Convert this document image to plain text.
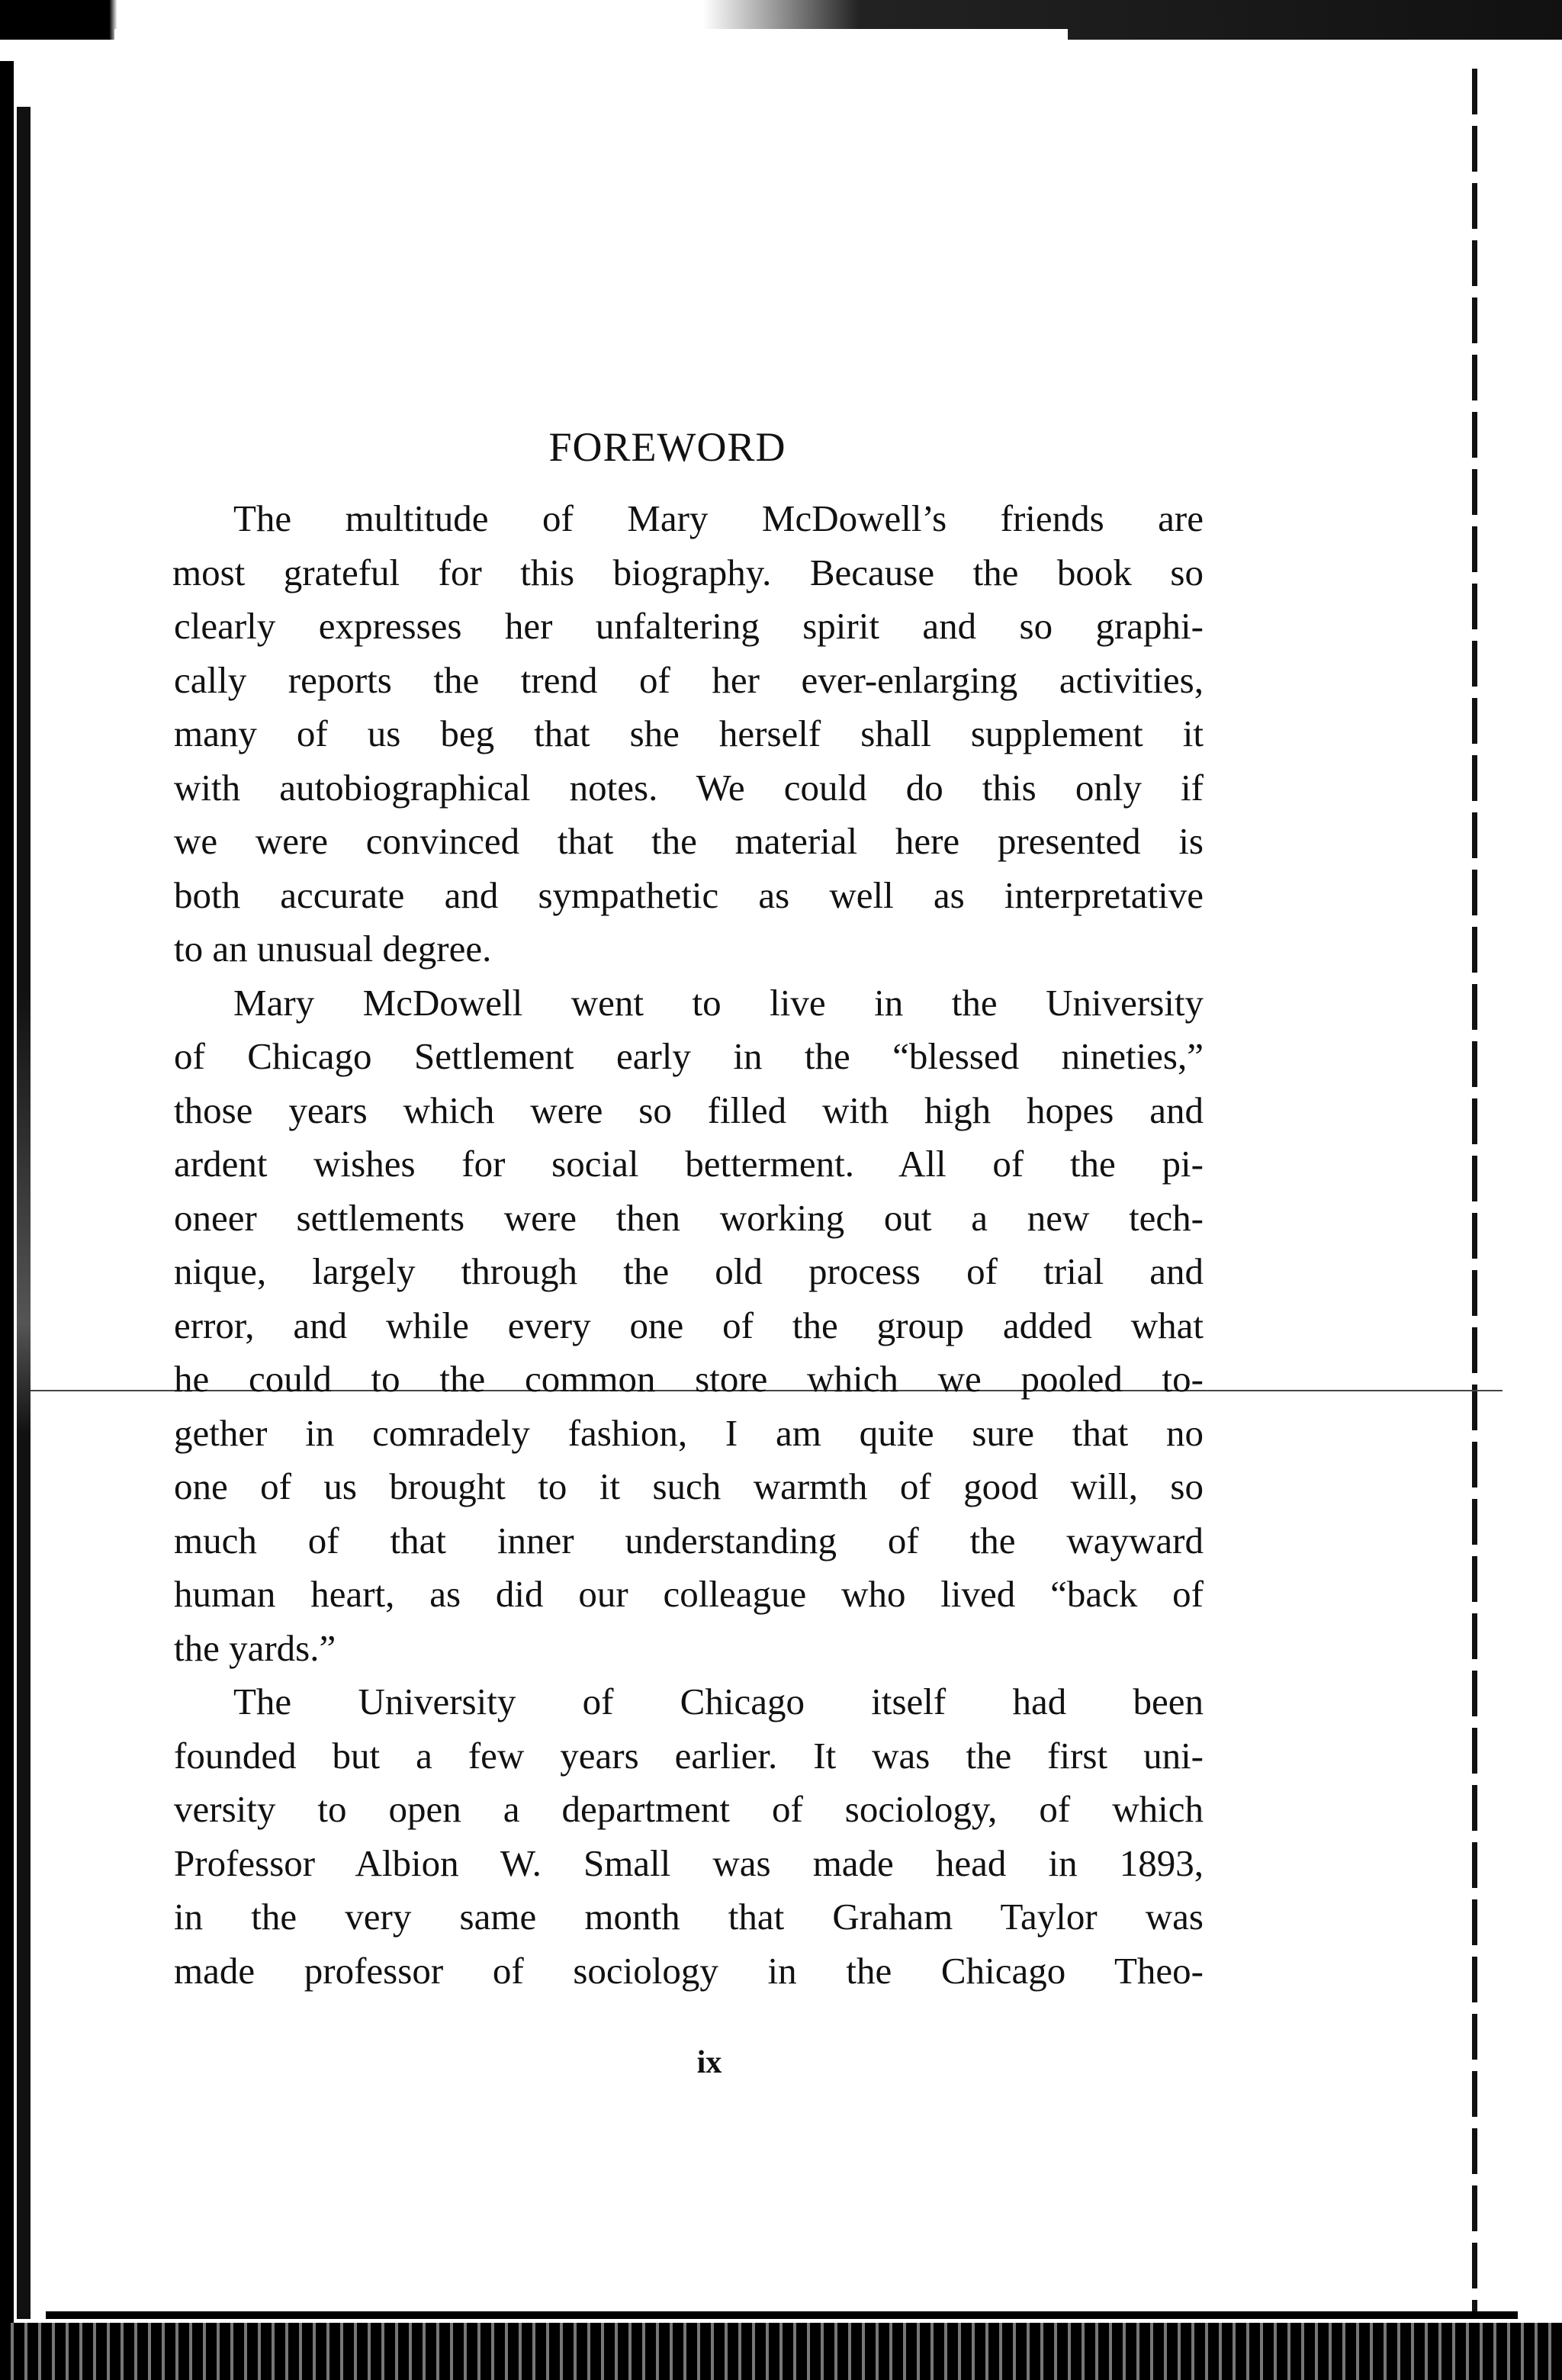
FOREWORD
The multitude of Mary McDowell’s friends are
most grateful for this biography. Because the book so
clearly expresses her unfaltering spirit and so graphi-
cally reports the trend of her ever-enlarging activities,
many of us beg that she herself shall supplement it
with autobiographical notes. We could do this only if
we were convinced that the material here presented is
both accurate and sympathetic as well as interpretative
to an unusual degree.
Mary McDowell went to live in the University
of Chicago Settlement early in the “blessed nineties,”
those years which were so filled with high hopes and
ardent wishes for social betterment. All of the pi-
oneer settlements were then working out a new tech-
nique, largely through the old process of trial and
error, and while every one of the group added what
he could to the common store which we pooled to-
gether in comradely fashion, I am quite sure that no
one of us brought to it such warmth of good will, so
much of that inner understanding of the wayward
human heart, as did our colleague who lived “back of
the yards.”
The University of Chicago itself had been
founded but a few years earlier. It was the first uni-
versity to open a department of sociology, of which
Professor Albion W. Small was made head in 1893,
in the very same month that Graham Taylor was
made professor of sociology in the Chicago Theo-
ix
